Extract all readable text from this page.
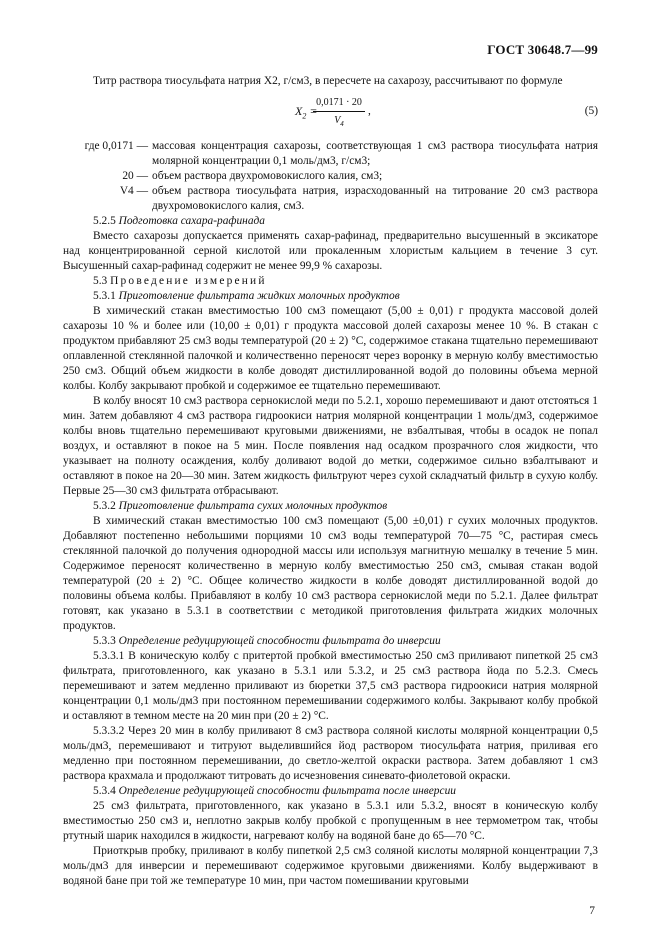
ГОСТ 30648.7—99

Титр раствора тиосульфата натрия X2, г/см3, в пересчете на сахарозу, рассчитывают по формуле

$X_2$ =
$\frac{0,0171 \cdot 20}{V_4}$ ,	(5)
где 0,0171 — массовая концентрация сахарозы, соответствующая 1 см3 раствора тиосульфата натрия молярной концентрации 0,1 моль/дм3, г/см3;
20 — объем раствора двухромовокислого калия, см3;
V4 — объем раствора тиосульфата натрия, израсходованный на титрование 20 см3 раствора двухромовокислого калия, см3.

5.2.5 Подготовка сахара-рафинада

Вместо сахарозы допускается применять сахар-рафинад, предварительно высушенный в эксикаторе над концентрированной серной кислотой или прокаленным хлористым кальцием в течение 3 сут. Высушенный сахар-рафинад содержит не менее 99,9 % сахарозы.

5.3 Проведение измерений

5.3.1 Приготовление фильтрата жидких молочных продуктов

В химический стакан вместимостью 100 см3 помещают (5,00 ± 0,01) г продукта массовой долей сахарозы 10 % и более или (10,00 ± 0,01) г продукта массовой долей сахарозы менее 10 %. В стакан с продуктом прибавляют 25 см3 воды температурой (20 ± 2) °С, содержимое стакана тщательно перемешивают оплавленной стеклянной палочкой и количественно переносят через воронку в мерную колбу вместимостью 250 см3. Общий объем жидкости в колбе доводят дистиллированной водой до половины объема мерной колбы. Колбу закрывают пробкой и содержимое ее тщательно перемешивают.

В колбу вносят 10 см3 раствора сернокислой меди по 5.2.1, хорошо перемешивают и дают отстояться 1 мин. Затем добавляют 4 см3 раствора гидроокиси натрия молярной концентрации 1 моль/дм3, содержимое колбы вновь тщательно перемешивают круговыми движениями, не взбалтывая, чтобы в осадок не попал воздух, и оставляют в покое на 5 мин. После появления над осадком прозрачного слоя жидкости, что указывает на полноту осаждения, колбу доливают водой до метки, содержимое сильно взбалтывают и оставляют в покое на 20—30 мин. Затем жидкость фильтруют через сухой складчатый фильтр в сухую колбу. Первые 25—30 см3 фильтрата отбрасывают.

5.3.2 Приготовление фильтрата сухих молочных продуктов

В химический стакан вместимостью 100 см3 помещают (5,00 ±0,01) г сухих молочных продуктов. Добавляют постепенно небольшими порциями 10 см3 воды температурой 70—75 °С, растирая смесь стеклянной палочкой до получения однородной массы или используя магнитную мешалку в течение 5 мин. Содержимое переносят количественно в мерную колбу вместимостью 250 см3, смывая стакан водой температурой (20 ± 2) °С. Общее количество жидкости в колбе доводят дистиллированной водой до половины объема колбы. Прибавляют в колбу 10 см3 раствора сернокислой меди по 5.2.1. Далее фильтрат готовят, как указано в 5.3.1 в соответствии с методикой приготовления фильтрата жидких молочных продуктов.

5.3.3 Определение редуцирующей способности фильтрата до инверсии

5.3.3.1 В коническую колбу с притертой пробкой вместимостью 250 см3 приливают пипеткой 25 см3 фильтрата, приготовленного, как указано в 5.3.1 или 5.3.2, и 25 см3 раствора йода по 5.2.3. Смесь перемешивают и затем медленно приливают из бюретки 37,5 см3 раствора гидроокиси натрия молярной концентрации 0,1 моль/дм3 при постоянном перемешивании содержимого колбы. Закрывают колбу пробкой и оставляют в темном месте на 20 мин при (20 ± 2) °С.

5.3.3.2 Через 20 мин в колбу приливают 8 см3 раствора соляной кислоты молярной концентрации 0,5 моль/дм3, перемешивают и титруют выделившийся йод раствором тиосульфата натрия, приливая его медленно при постоянном перемешивании, до светло-желтой окраски раствора. Затем добавляют 1 см3 раствора крахмала и продолжают титровать до исчезновения синевато-фиолетовой окраски.

5.3.4 Определение редуцирующей способности фильтрата после инверсии

25 см3 фильтрата, приготовленного, как указано в 5.3.1 или 5.3.2, вносят в коническую колбу вместимостью 250 см3 и, неплотно закрыв колбу пробкой с пропущенным в нее термометром так, чтобы ртутный шарик находился в жидкости, нагревают колбу на водяной бане до 65—70 °С.

Приоткрыв пробку, приливают в колбу пипеткой 2,5 см3 соляной кислоты молярной концентрации 7,3 моль/дм3 для инверсии и перемешивают содержимое круговыми движениями. Колбу выдерживают в водяной бане при той же температуре 10 мин, при частом помешивании круговыми

7
